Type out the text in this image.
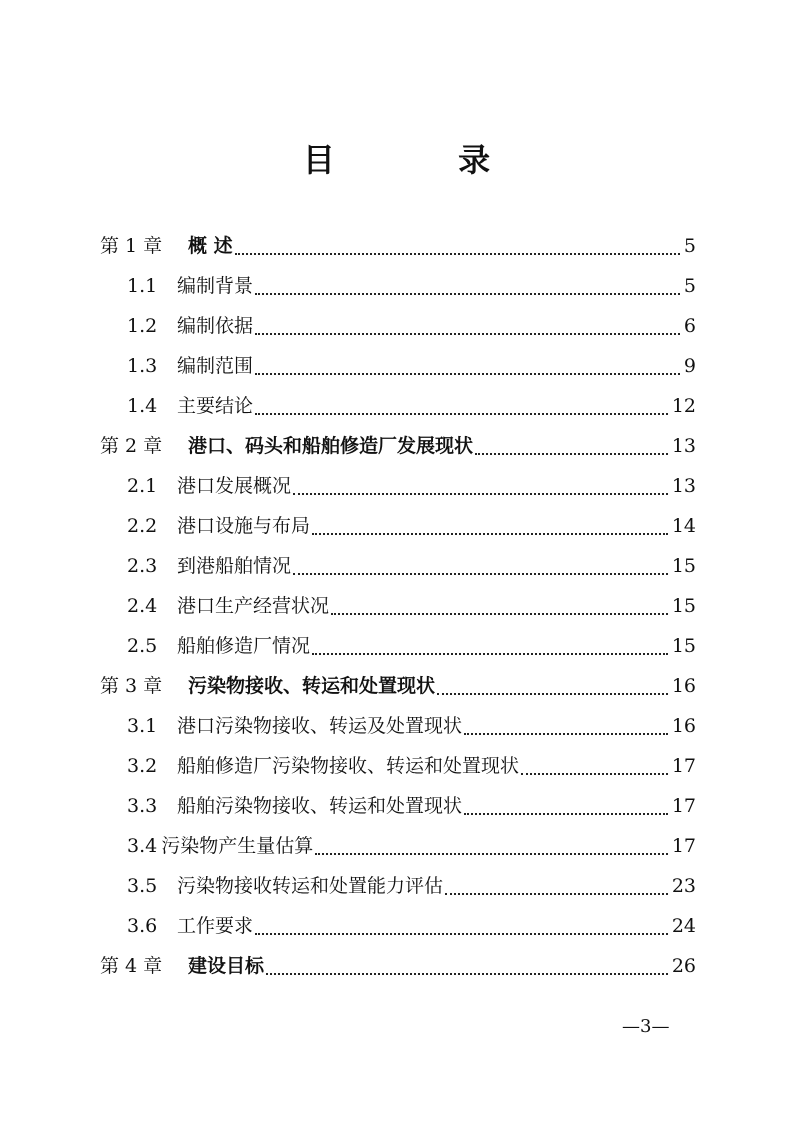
目 录
第 1 章	概 述	5
1.1	编制背景	5
1.2	编制依据	6
1.3	编制范围	9
1.4	主要结论	12
第 2 章	港口、码头和船舶修造厂发展现状	13
2.1	港口发展概况	13
2.2	港口设施与布局	14
2.3	到港船舶情况	15
2.4	港口生产经营状况	15
2.5	船舶修造厂情况	15
第 3 章	污染物接收、转运和处置现状	16
3.1	港口污染物接收、转运及处置现状	16
3.2	船舶修造厂污染物接收、转运和处置现状	17
3.3	船舶污染物接收、转运和处置现状	17
3.4 污染物产生量估算	17
3.5	污染物接收转运和处置能力评估	23
3.6	工作要求	24
第 4 章	建设目标	26
—3—
